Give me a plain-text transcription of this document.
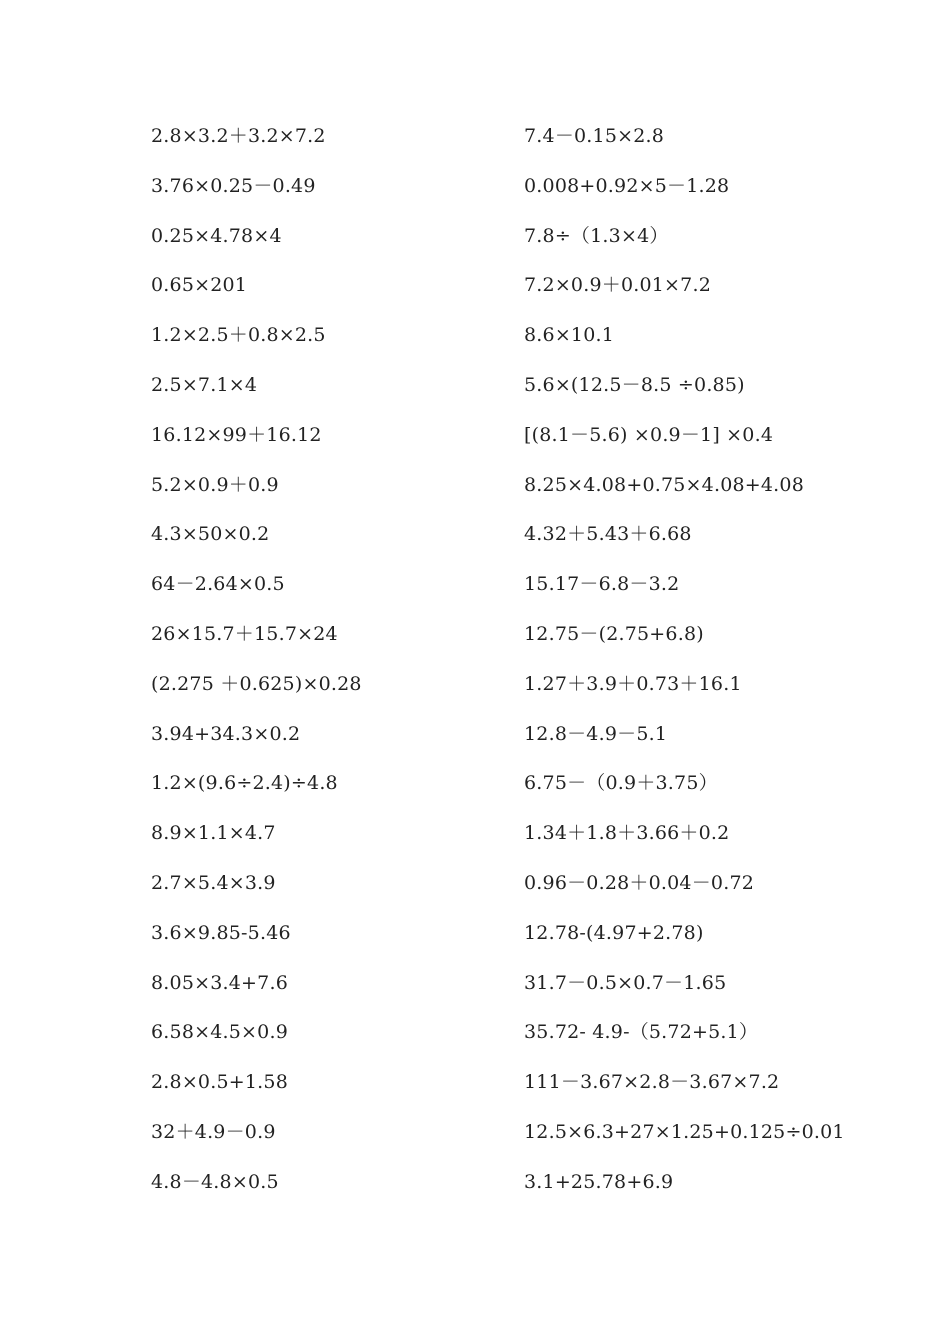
2.8×3.2＋3.2×7.2
3.76×0.25－0.49
0.25×4.78×4
0.65×201
1.2×2.5＋0.8×2.5
2.5×7.1×4
16.12×99＋16.12
5.2×0.9＋0.9
4.3×50×0.2
64－2.64×0.5
26×15.7＋15.7×24
(2.275 ＋0.625)×0.28
3.94+34.3×0.2
1.2×(9.6÷2.4)÷4.8
8.9×1.1×4.7
2.7×5.4×3.9
3.6×9.85-5.46
8.05×3.4+7.6
6.58×4.5×0.9
2.8×0.5+1.58
32＋4.9－0.9
4.8－4.8×0.5
7.4－0.15×2.8
0.008+0.92×5－1.28
7.8÷（1.3×4）
7.2×0.9＋0.01×7.2
8.6×10.1
5.6×(12.5－8.5 ÷0.85)
[(8.1－5.6) ×0.9－1] ×0.4
8.25×4.08+0.75×4.08+4.08
4.32＋5.43＋6.68
15.17－6.8－3.2
12.75－(2.75+6.8)
1.27＋3.9＋0.73＋16.1
12.8－4.9－5.1
6.75－（0.9＋3.75）
1.34＋1.8＋3.66＋0.2
0.96－0.28＋0.04－0.72
12.78-(4.97+2.78)
31.7－0.5×0.7－1.65
35.72- 4.9-（5.72+5.1）
111－3.67×2.8－3.67×7.2
12.5×6.3+27×1.25+0.125÷0.01
3.1+25.78+6.9
